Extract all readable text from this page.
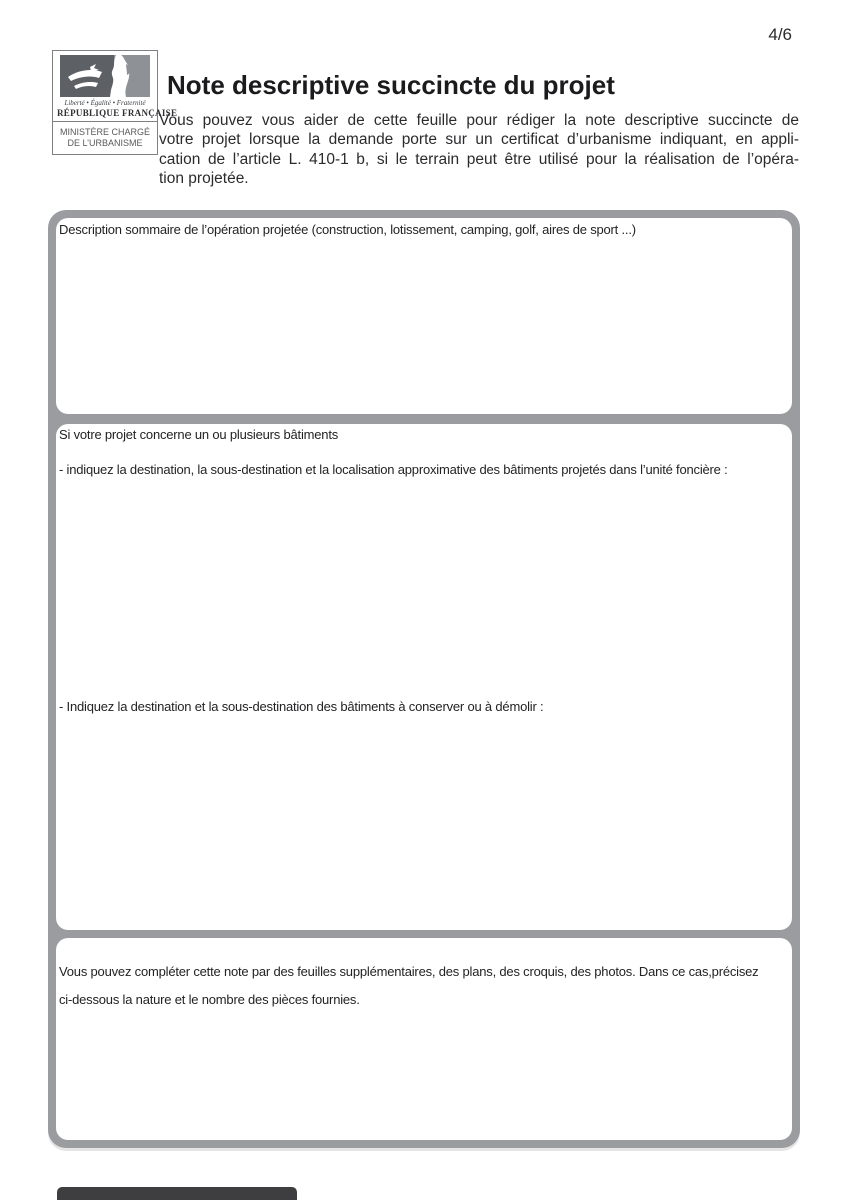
4/6
Liberté • Égalité • Fraternité
RÉPUBLIQUE FRANÇAISE
MINISTÈRE CHARGÉ
DE L’URBANISME
Note descriptive succincte du projet
Vous pouvez vous aider de cette feuille pour rédiger la note descriptive succincte de
votre projet lorsque la demande porte sur un certificat d’urbanisme indiquant, en appli-
cation de l’article L. 410-1 b, si le terrain peut être utilisé pour la réalisation de l’opéra-
tion projetée.
Description sommaire de l’opération projetée (construction, lotissement, camping, golf, aires de sport ...)
Si votre projet concerne un ou plusieurs bâtiments
- indiquez la destination, la sous-destination et la localisation approximative des bâtiments projetés dans l’unité foncière :
- Indiquez la destination et la sous-destination des bâtiments à conserver ou à démolir :
Vous pouvez compléter cette note par des feuilles supplémentaires, des plans, des croquis, des photos. Dans ce cas,précisez
ci-dessous la nature et le nombre des pièces fournies.
